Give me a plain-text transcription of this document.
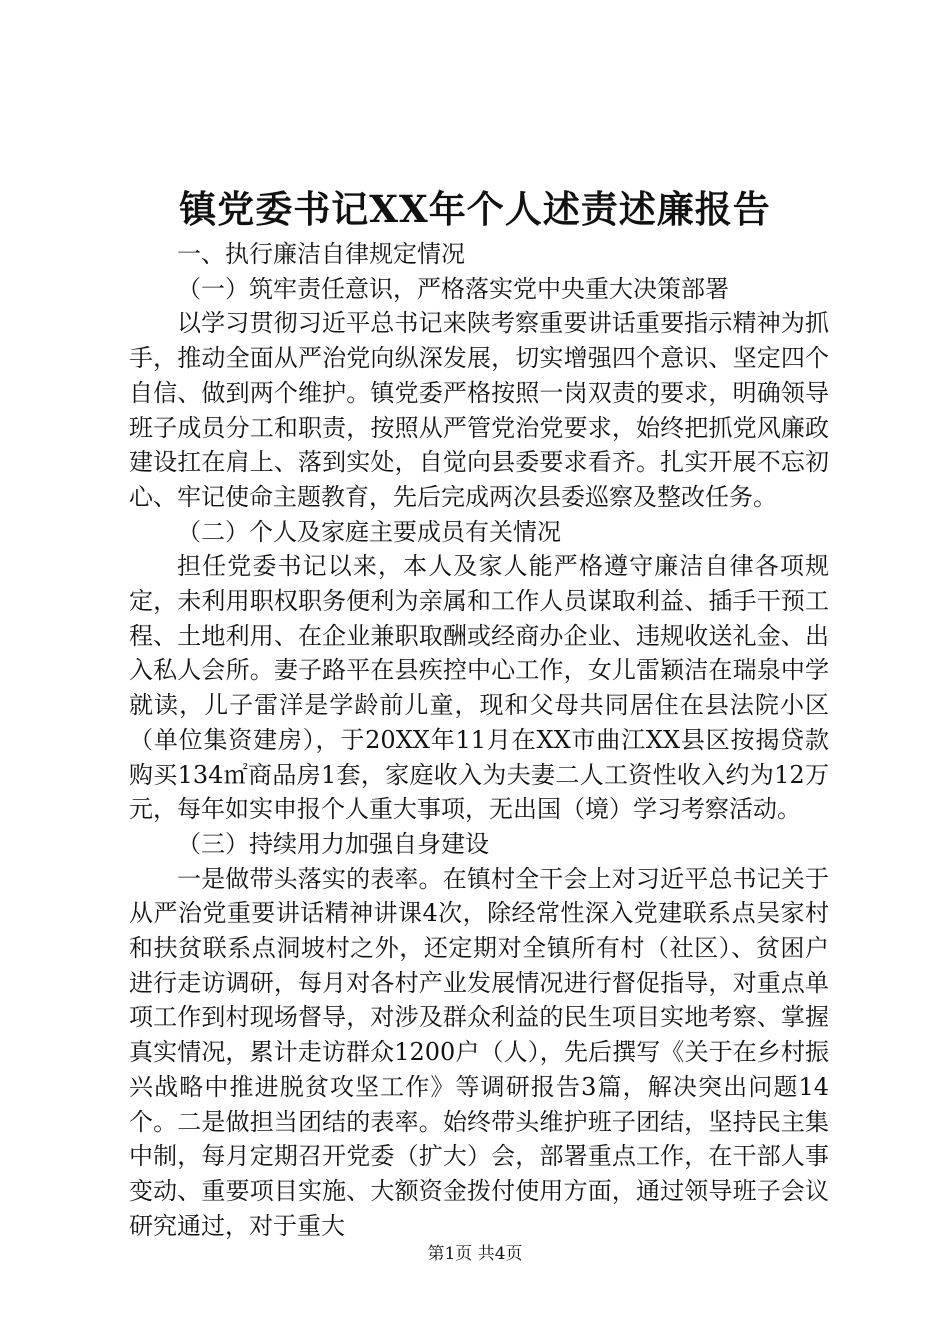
镇党委书记XX年个人述责述廉报告

一、执行廉洁自律规定情况

（一）筑牢责任意识，严格落实党中央重大决策部署

以学习贯彻习近平总书记来陕考察重要讲话重要指示精神为抓手，推动全面从严治党向纵深发展，切实增强四个意识、坚定四个自信、做到两个维护。镇党委严格按照一岗双责的要求，明确领导班子成员分工和职责，按照从严管党治党要求，始终把抓党风廉政建设扛在肩上、落到实处，自觉向县委要求看齐。扎实开展不忘初心、牢记使命主题教育，先后完成两次县委巡察及整改任务。

（二）个人及家庭主要成员有关情况

担任党委书记以来，本人及家人能严格遵守廉洁自律各项规定，未利用职权职务便利为亲属和工作人员谋取利益、插手干预工程、土地利用、在企业兼职取酬或经商办企业、违规收送礼金、出入私人会所。妻子路平在县疾控中心工作，女儿雷颖洁在瑞泉中学就读，儿子雷洋是学龄前儿童，现和父母共同居住在县法院小区（单位集资建房），于20XX年11月在XX市曲江XX县区按揭贷款购买134㎡商品房1套，家庭收入为夫妻二人工资性收入约为12万元，每年如实申报个人重大事项，无出国（境）学习考察活动。

（三）持续用力加强自身建设

一是做带头落实的表率。在镇村全干会上对习近平总书记关于从严治党重要讲话精神讲课4次，除经常性深入党建联系点吴家村和扶贫联系点洞坡村之外，还定期对全镇所有村（社区）、贫困户进行走访调研，每月对各村产业发展情况进行督促指导，对重点单项工作到村现场督导，对涉及群众利益的民生项目实地考察、掌握真实情况，累计走访群众1200户（人），先后撰写《关于在乡村振兴战略中推进脱贫攻坚工作》等调研报告3篇，解决突出问题14个。二是做担当团结的表率。始终带头维护班子团结，坚持民主集中制，每月定期召开党委（扩大）会，部署重点工作，在干部人事变动、重要项目实施、大额资金拨付使用方面，通过领导班子会议研究通过，对于重大

第1页 共4页
